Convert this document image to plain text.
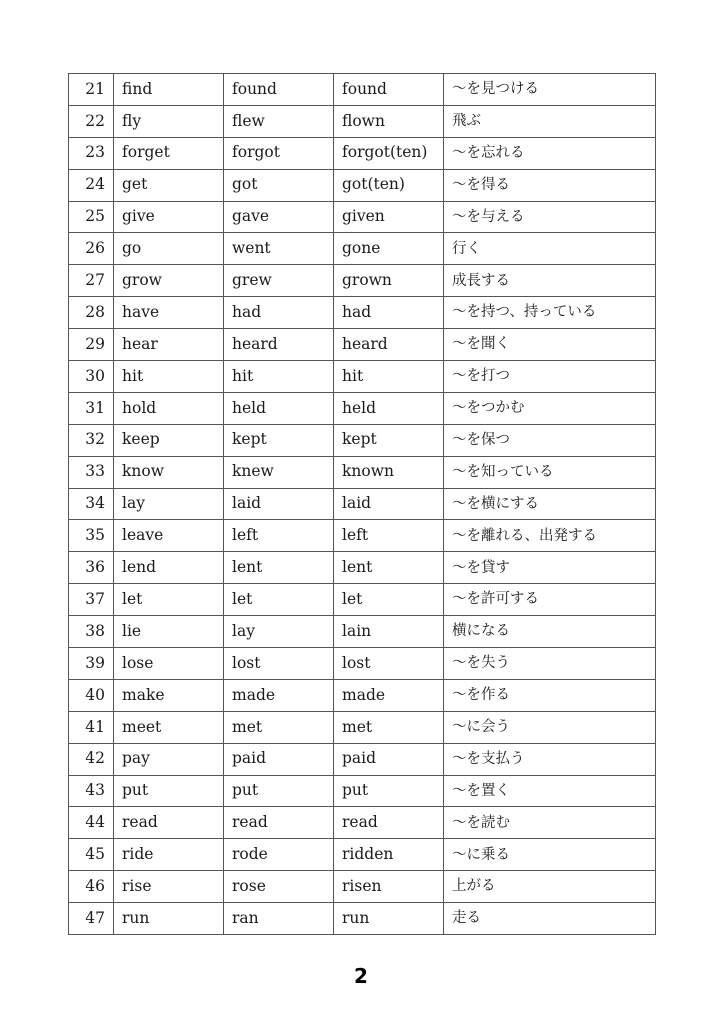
21	find	found	found	～を見つける
22	fly	flew	flown	飛ぶ
23	forget	forgot	forgot(ten)	～を忘れる
24	get	got	got(ten)	～を得る
25	give	gave	given	～を与える
26	go	went	gone	行く
27	grow	grew	grown	成長する
28	have	had	had	～を持つ、持っている
29	hear	heard	heard	～を聞く
30	hit	hit	hit	～を打つ
31	hold	held	held	～をつかむ
32	keep	kept	kept	～を保つ
33	know	knew	known	～を知っている
34	lay	laid	laid	～を横にする
35	leave	left	left	～を離れる、出発する
36	lend	lent	lent	～を貸す
37	let	let	let	～を許可する
38	lie	lay	lain	横になる
39	lose	lost	lost	～を失う
40	make	made	made	～を作る
41	meet	met	met	～に会う
42	pay	paid	paid	～を支払う
43	put	put	put	～を置く
44	read	read	read	～を読む
45	ride	rode	ridden	～に乗る
46	rise	rose	risen	上がる
47	run	ran	run	走る
2
